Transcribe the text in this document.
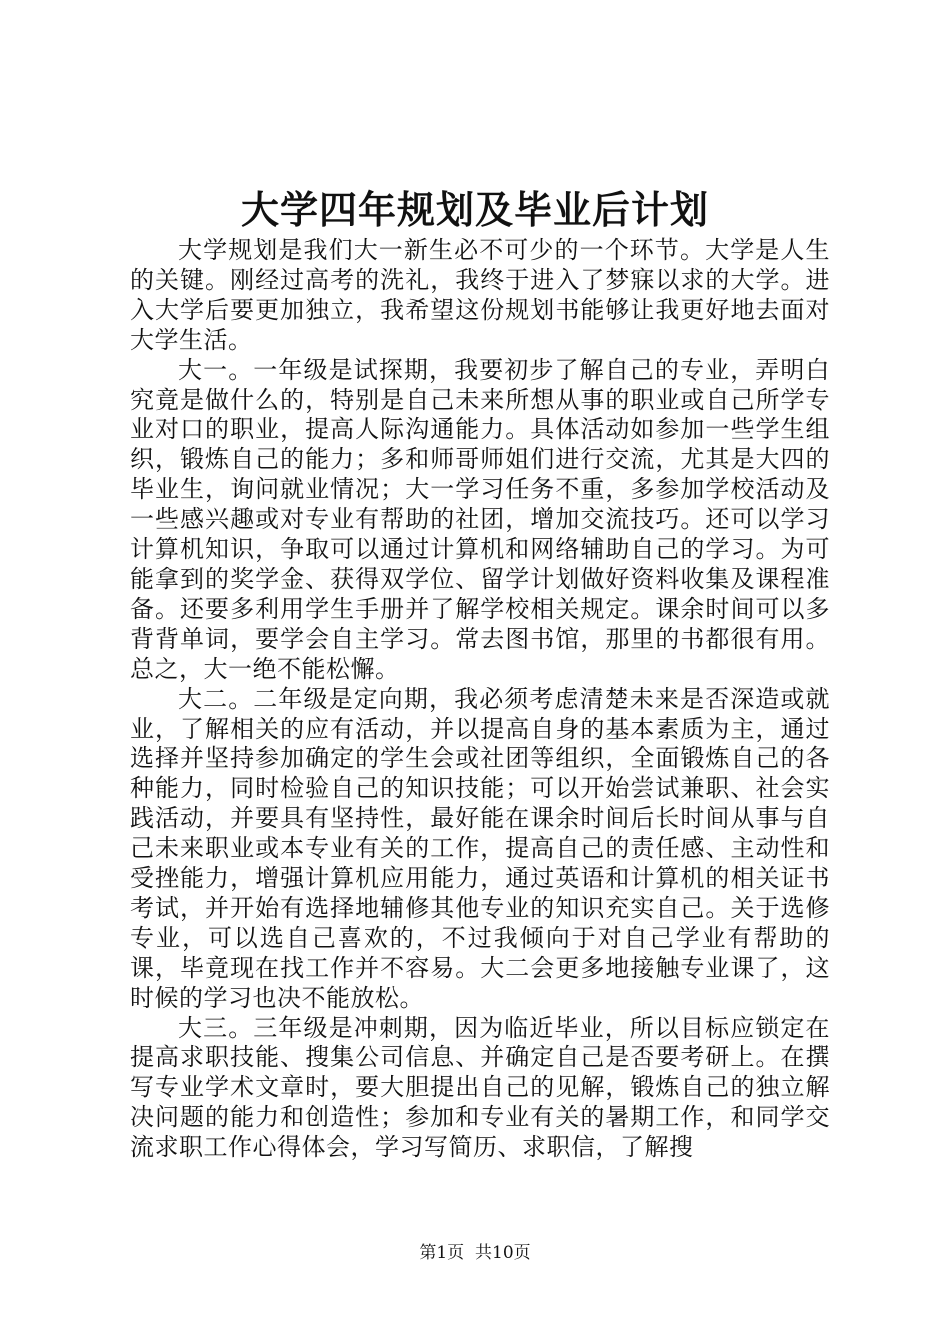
大学四年规划及毕业后计划

大学规划是我们大一新生必不可少的一个环节。大学是人生的关键。刚经过高考的洗礼，我终于进入了梦寐以求的大学。进入大学后要更加独立，我希望这份规划书能够让我更好地去面对大学生活。

大一。一年级是试探期，我要初步了解自己的专业，弄明白究竟是做什么的，特别是自己未来所想从事的职业或自己所学专业对口的职业，提高人际沟通能力。具体活动如参加一些学生组织，锻炼自己的能力；多和师哥师姐们进行交流，尤其是大四的毕业生，询问就业情况；大一学习任务不重，多参加学校活动及一些感兴趣或对专业有帮助的社团，增加交流技巧。还可以学习计算机知识，争取可以通过计算机和网络辅助自己的学习。为可能拿到的奖学金、获得双学位、留学计划做好资料收集及课程准备。还要多利用学生手册并了解学校相关规定。课余时间可以多背背单词，要学会自主学习。常去图书馆，那里的书都很有用。总之，大一绝不能松懈。

大二。二年级是定向期，我必须考虑清楚未来是否深造或就业，了解相关的应有活动，并以提高自身的基本素质为主，通过选择并坚持参加确定的学生会或社团等组织，全面锻炼自己的各种能力，同时检验自己的知识技能；可以开始尝试兼职、社会实践活动，并要具有坚持性，最好能在课余时间后长时间从事与自己未来职业或本专业有关的工作，提高自己的责任感、主动性和受挫能力，增强计算机应用能力，通过英语和计算机的相关证书考试，并开始有选择地辅修其他专业的知识充实自己。关于选修专业，可以选自己喜欢的，不过我倾向于对自己学业有帮助的课，毕竟现在找工作并不容易。大二会更多地接触专业课了，这时候的学习也决不能放松。

大三。三年级是冲刺期，因为临近毕业，所以目标应锁定在提高求职技能、搜集公司信息、并确定自己是否要考研上。在撰写专业学术文章时，要大胆提出自己的见解，锻炼自己的独立解决问题的能力和创造性；参加和专业有关的暑期工作，和同学交流求职工作心得体会，学习写简历、求职信，了解搜

第1页 共10页
